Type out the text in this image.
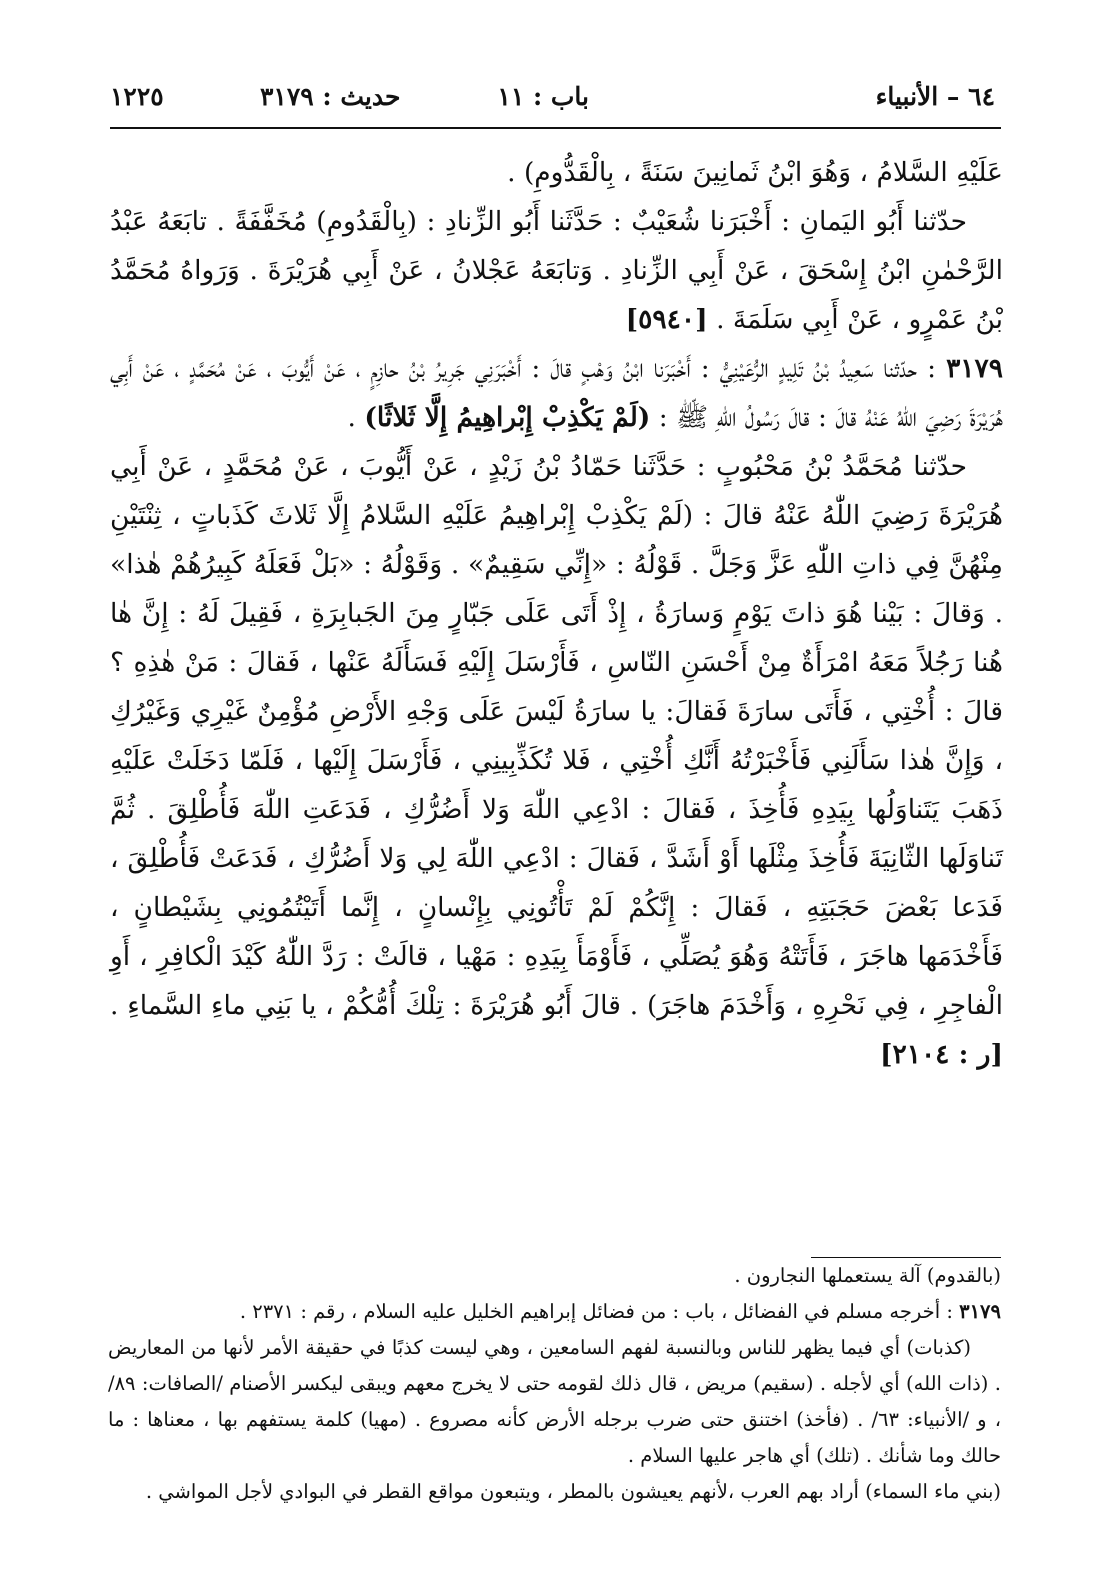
٦٤ – الأنبياء
باب : ١١
حديث : ٣١٧٩
١٢٢٥

عَلَيْهِ السَّلامُ ، وَهُوَ ابْنُ ثَمانِينَ سَنَةً ، بِالْقَدُّومِ) .

حدّثنا أَبُو اليَمانِ : أَخْبَرَنا شُعَيْبٌ : حَدَّثَنا أَبُو الزِّنادِ : (بِالْقَدُومِ) مُخَفَّفَةً . تابَعَهُ عَبْدُ الرَّحْمٰنِ ابْنُ إِسْحَقَ ، عَنْ أَبِي الزِّنادِ . وَتابَعَهُ عَجْلانُ ، عَنْ أَبِي هُرَيْرَةَ . وَرَواهُ مُحَمَّدُ بْنُ عَمْرٍو ، عَنْ أَبِي سَلَمَةَ . [٥٩٤٠]

٣١٧٩ : حدّثنا سَعِيدُ بْنُ تَلِيدٍ الرُّعَيْنِيُّ : أَخْبَرَنا ابْنُ وَهْبٍ قالَ : أَخْبَرَنِي جَرِيرُ بْنُ حازِمٍ ، عَنْ أَيُّوبَ ، عَنْ مُحَمَّدٍ ، عَنْ أَبِي هُرَيْرَةَ رَضِيَ اللّٰهُ عَنْهُ قالَ : قالَ رَسُولُ اللّٰهِ ﷺ : (لَمْ يَكْذِبْ إِبْراهِيمُ إِلَّا ثَلاثًا) .

حدّثنا مُحَمَّدُ بْنُ مَحْبُوبٍ : حَدَّثَنا حَمّادُ بْنُ زَيْدٍ ، عَنْ أَيُّوبَ ، عَنْ مُحَمَّدٍ ، عَنْ أَبِي هُرَيْرَةَ رَضِيَ اللّٰهُ عَنْهُ قالَ : (لَمْ يَكْذِبْ إِبْراهِيمُ عَلَيْهِ السَّلامُ إِلَّا ثَلاثَ كَذَباتٍ ، ثِنْتَيْنِ مِنْهُنَّ فِي ذاتِ اللّٰهِ عَزَّ وَجَلَّ . قَوْلُهُ : «إِنِّي سَقِيمٌ» . وَقَوْلُهُ : «بَلْ فَعَلَهُ كَبِيرُهُمْ هٰذا» . وَقالَ : بَيْنا هُوَ ذاتَ يَوْمٍ وَسارَةُ ، إِذْ أَتَى عَلَى جَبّارٍ مِنَ الجَبابِرَةِ ، فَقِيلَ لَهُ : إِنَّ هٰا هُنا رَجُلاً مَعَهُ امْرَأَةٌ مِنْ أَحْسَنِ النّاسِ ، فَأَرْسَلَ إِلَيْهِ فَسَأَلَهُ عَنْها ، فَقالَ : مَنْ هٰذِهِ ؟ قالَ : أُخْتِي ، فَأَتَى سارَةَ فَقالَ: يا سارَةُ لَيْسَ عَلَى وَجْهِ الأَرْضِ مُؤْمِنٌ غَيْرِي وَغَيْرُكِ ، وَإِنَّ هٰذا سَأَلَنِي فَأَخْبَرْتُهُ أَنَّكِ أُخْتِي ، فَلا تُكَذِّبِينِي ، فَأَرْسَلَ إِلَيْها ، فَلَمّا دَخَلَتْ عَلَيْهِ ذَهَبَ يَتَناوَلُها بِيَدِهِ فَأُخِذَ ، فَقالَ : ادْعِي اللّٰهَ وَلا أَضُرُّكِ ، فَدَعَتِ اللّٰهَ فَأُطْلِقَ . ثُمَّ تَناوَلَها الثّانِيَةَ فَأُخِذَ مِثْلَها أَوْ أَشَدَّ ، فَقالَ : ادْعِي اللّٰهَ لِي وَلا أَضُرُّكِ ، فَدَعَتْ فَأُطْلِقَ ، فَدَعا بَعْضَ حَجَبَتِهِ ، فَقالَ : إِنَّكُمْ لَمْ تَأْتُونِي بِإِنْسانٍ ، إِنَّما أَتَيْتُمُونِي بِشَيْطانٍ ، فَأَخْدَمَها هاجَرَ ، فَأَتَتْهُ وَهُوَ يُصَلِّي ، فَأَوْمَأَ بِيَدِهِ : مَهْيا ، قالَتْ : رَدَّ اللّٰهُ كَيْدَ الْكافِرِ ، أَوِ الْفاجِرِ ، فِي نَحْرِهِ ، وَأَخْدَمَ هاجَرَ) . قالَ أَبُو هُرَيْرَةَ : تِلْكَ أُمُّكُمْ ، يا بَنِي ماءِ السَّماءِ . [ر : ٢١٠٤]

(بالقدوم) آلة يستعملها النجارون .

٣١٧٩ : أخرجه مسلم في الفضائل ، باب : من فضائل إبراهيم الخليل عليه السلام ، رقم : ٢٣٧١ .

(كذبات) أي فيما يظهر للناس وبالنسبة لفهم السامعين ، وهي ليست كذبًا في حقيقة الأمر لأنها من المعاريض . (ذات الله) أي لأجله . (سقيم) مريض ، قال ذلك لقومه حتى لا يخرج معهم ويبقى ليكسر الأصنام /الصافات: ٨٩/ ، و /الأنبياء: ٦٣/ . (فأخذ) اختنق حتى ضرب برجله الأرض كأنه مصروع . (مهيا) كلمة يستفهم بها ، معناها : ما حالك وما شأنك . (تلك) أي هاجر عليها السلام .

(بني ماء السماء) أراد بهم العرب ،لأنهم يعيشون بالمطر ، ويتبعون مواقع القطر في البوادي لأجل المواشي .
